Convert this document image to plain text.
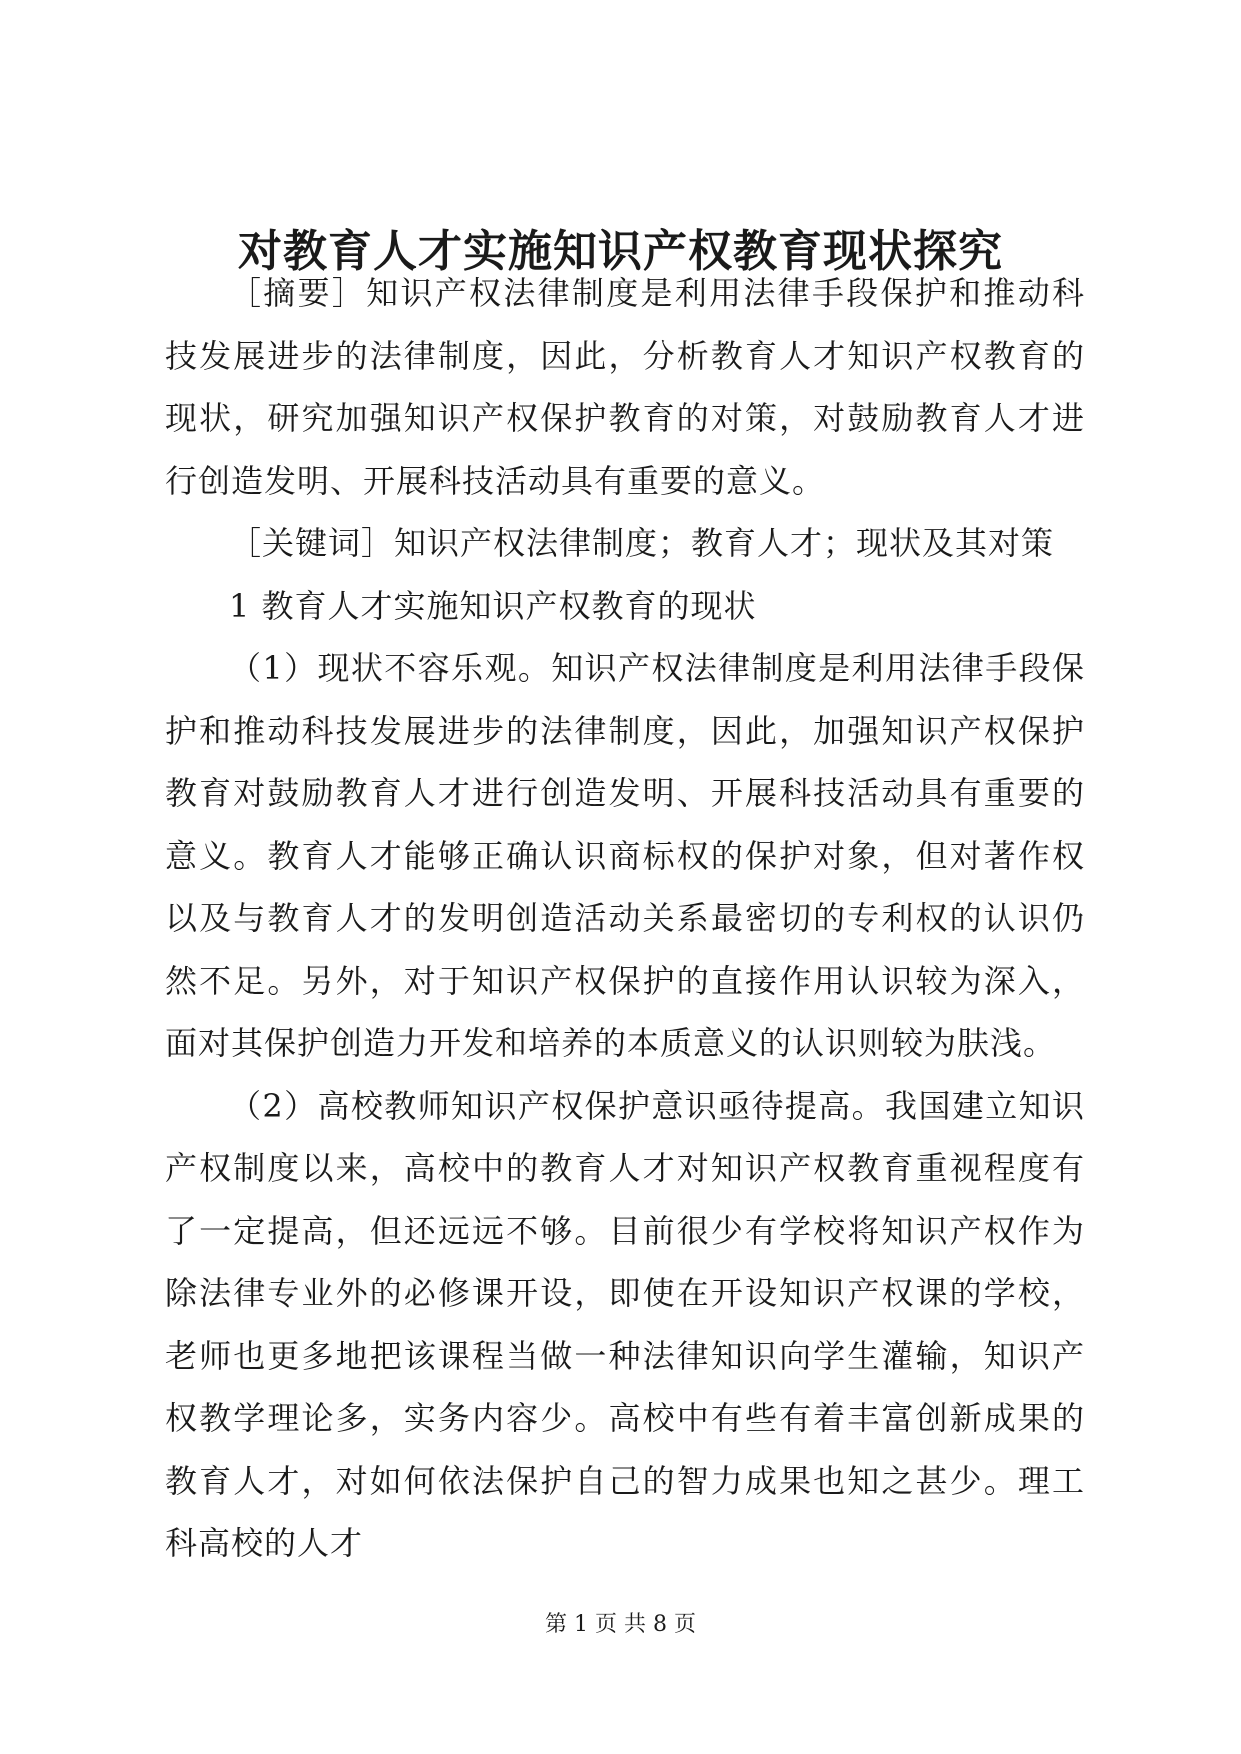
对教育人才实施知识产权教育现状探究

［摘要］知识产权法律制度是利用法律手段保护和推动科技发展进步的法律制度，因此，分析教育人才知识产权教育的现状，研究加强知识产权保护教育的对策，对鼓励教育人才进行创造发明、开展科技活动具有重要的意义。

［关键词］知识产权法律制度；教育人才；现状及其对策

1 教育人才实施知识产权教育的现状

（1）现状不容乐观。知识产权法律制度是利用法律手段保护和推动科技发展进步的法律制度，因此，加强知识产权保护教育对鼓励教育人才进行创造发明、开展科技活动具有重要的意义。教育人才能够正确认识商标权的保护对象，但对著作权以及与教育人才的发明创造活动关系最密切的专利权的认识仍然不足。另外，对于知识产权保护的直接作用认识较为深入，面对其保护创造力开发和培养的本质意义的认识则较为肤浅。

（2）高校教师知识产权保护意识亟待提高。我国建立知识产权制度以来，高校中的教育人才对知识产权教育重视程度有了一定提高，但还远远不够。目前很少有学校将知识产权作为除法律专业外的必修课开设，即使在开设知识产权课的学校，老师也更多地把该课程当做一种法律知识向学生灌输，知识产权教学理论多，实务内容少。高校中有些有着丰富创新成果的教育人才，对如何依法保护自己的智力成果也知之甚少。理工科高校的人才

第 1 页 共 8 页
